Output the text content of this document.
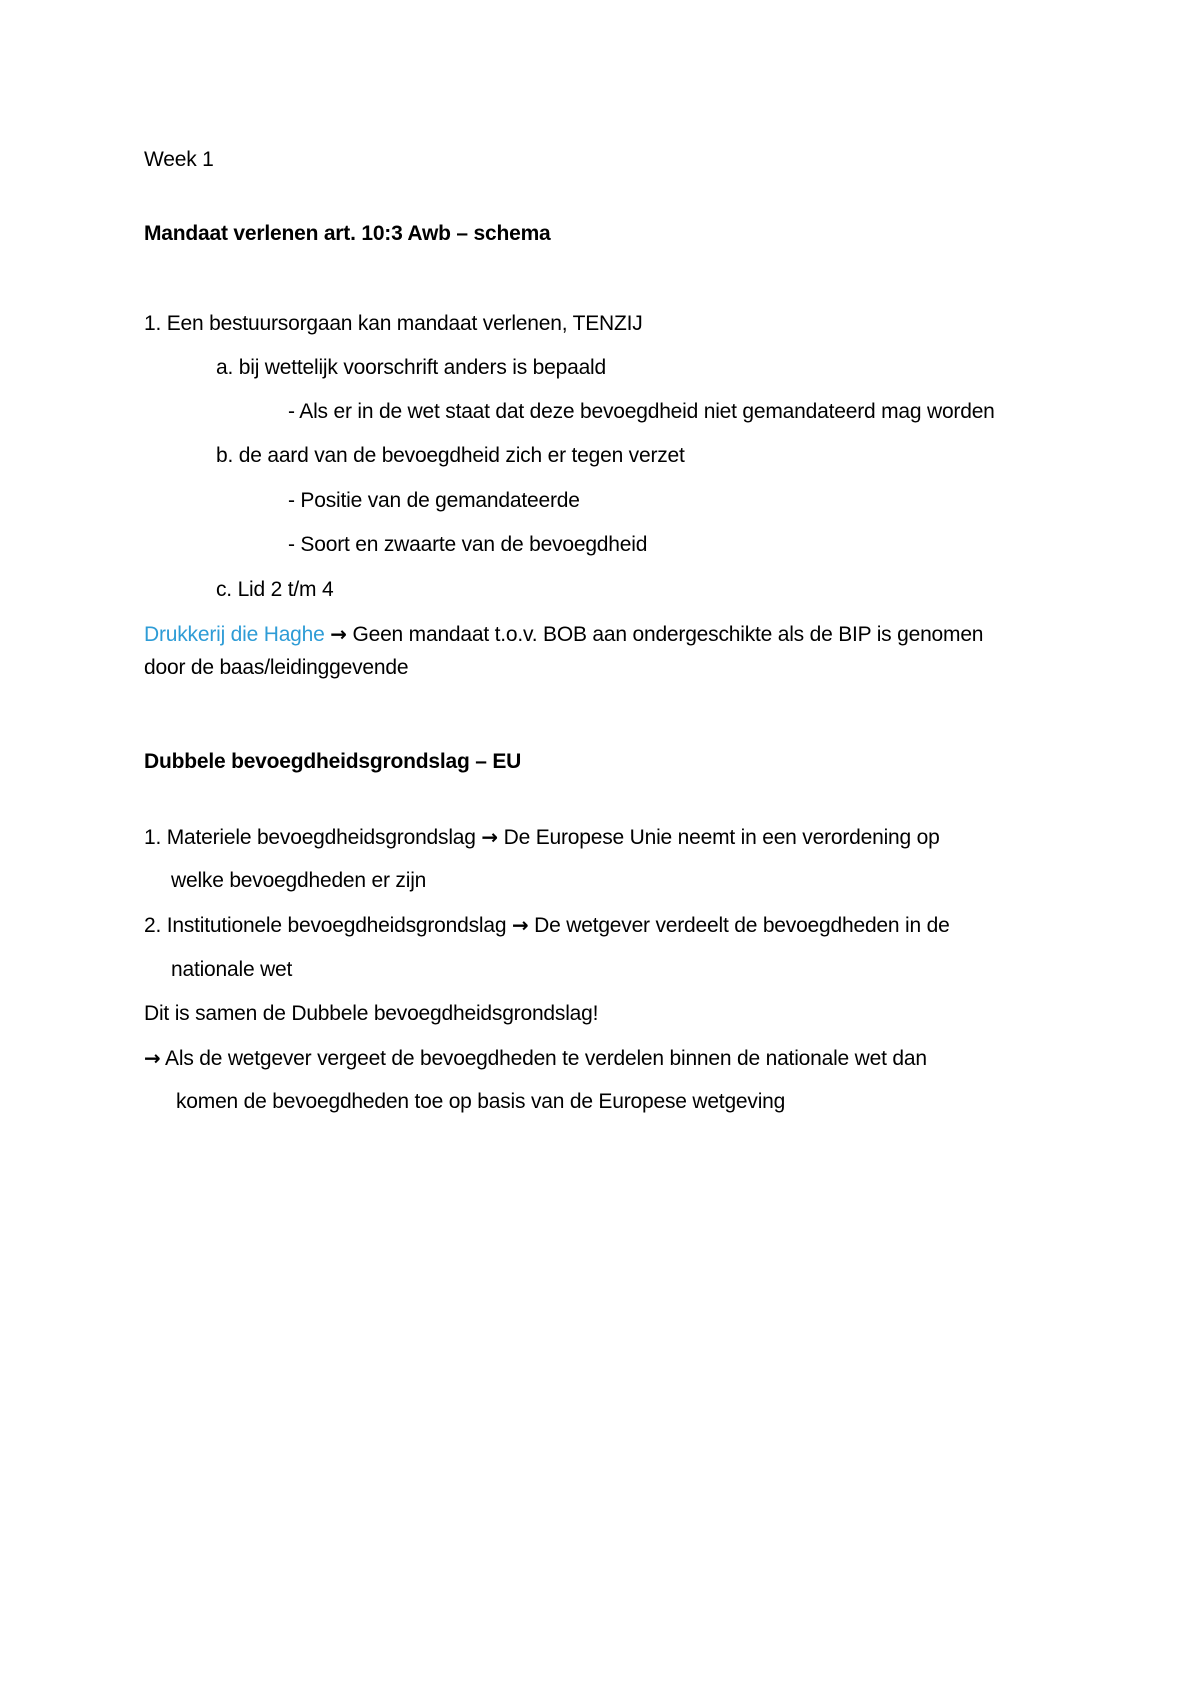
Week 1
Mandaat verlenen art. 10:3 Awb – schema
1. Een bestuursorgaan kan mandaat verlenen, TENZIJ
a. bij wettelijk voorschrift anders is bepaald
- Als er in de wet staat dat deze bevoegdheid niet gemandateerd mag worden
b. de aard van de bevoegdheid zich er tegen verzet
- Positie van de gemandateerde
- Soort en zwaarte van de bevoegdheid
c. Lid 2 t/m 4
Drukkerij die Haghe → Geen mandaat t.o.v. BOB aan ondergeschikte als de BIP is genomen
door de baas/leidinggevende
Dubbele bevoegdheidsgrondslag – EU
1. Materiele bevoegdheidsgrondslag → De Europese Unie neemt in een verordening op
welke bevoegdheden er zijn
2. Institutionele bevoegdheidsgrondslag → De wetgever verdeelt de bevoegdheden in de
nationale wet
Dit is samen de Dubbele bevoegdheidsgrondslag!
→ Als de wetgever vergeet de bevoegdheden te verdelen binnen de nationale wet dan
komen de bevoegdheden toe op basis van de Europese wetgeving
